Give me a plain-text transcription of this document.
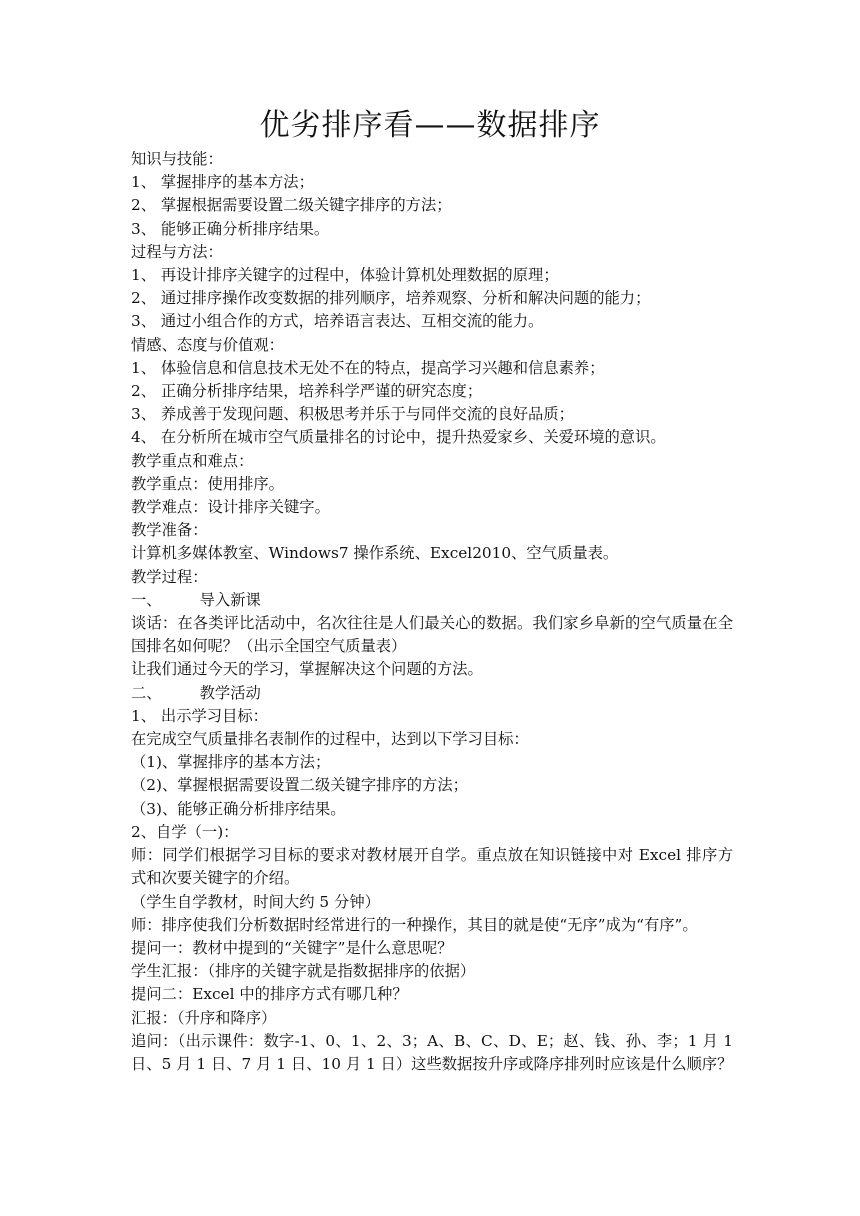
优劣排序看——数据排序

知识与技能：

1、 掌握排序的基本方法；

2、 掌握根据需要设置二级关键字排序的方法；

3、 能够正确分析排序结果。

过程与方法：

1、 再设计排序关键字的过程中，体验计算机处理数据的原理；

2、 通过排序操作改变数据的排列顺序，培养观察、分析和解决问题的能力；

3、 通过小组合作的方式，培养语言表达、互相交流的能力。

情感、态度与价值观：

1、 体验信息和信息技术无处不在的特点，提高学习兴趣和信息素养；

2、 正确分析排序结果，培养科学严谨的研究态度；

3、 养成善于发现问题、积极思考并乐于与同伴交流的良好品质；

4、 在分析所在城市空气质量排名的讨论中，提升热爱家乡、关爱环境的意识。

教学重点和难点：

教学重点：使用排序。

教学难点：设计排序关键字。

教学准备：

计算机多媒体教室、Windows7 操作系统、Excel2010、空气质量表。

教学过程：

一、 导入新课

谈话：在各类评比活动中，名次往往是人们最关心的数据。我们家乡阜新的空气质量在全国排名如何呢？（出示全国空气质量表）

让我们通过今天的学习，掌握解决这个问题的方法。

二、 教学活动

1、 出示学习目标：

在完成空气质量排名表制作的过程中，达到以下学习目标：

（1)、掌握排序的基本方法；

（2)、掌握根据需要设置二级关键字排序的方法；

（3)、能够正确分析排序结果。

2、自学（一)：

师：同学们根据学习目标的要求对教材展开自学。重点放在知识链接中对 Excel 排序方式和次要关键字的介绍。

（学生自学教材，时间大约 5 分钟）

师：排序使我们分析数据时经常进行的一种操作，其目的就是使“无序”成为“有序”。

提问一：教材中提到的“关键字”是什么意思呢？

学生汇报：（排序的关键字就是指数据排序的依据）

提问二：Excel 中的排序方式有哪几种？

汇报：（升序和降序）

追问：（出示课件：数字-1、0、1、2、3；A、B、C、D、E；赵、钱、孙、李；1 月 1 日、5 月 1 日、7 月 1 日、10 月 1 日）这些数据按升序或降序排列时应该是什么顺序？
